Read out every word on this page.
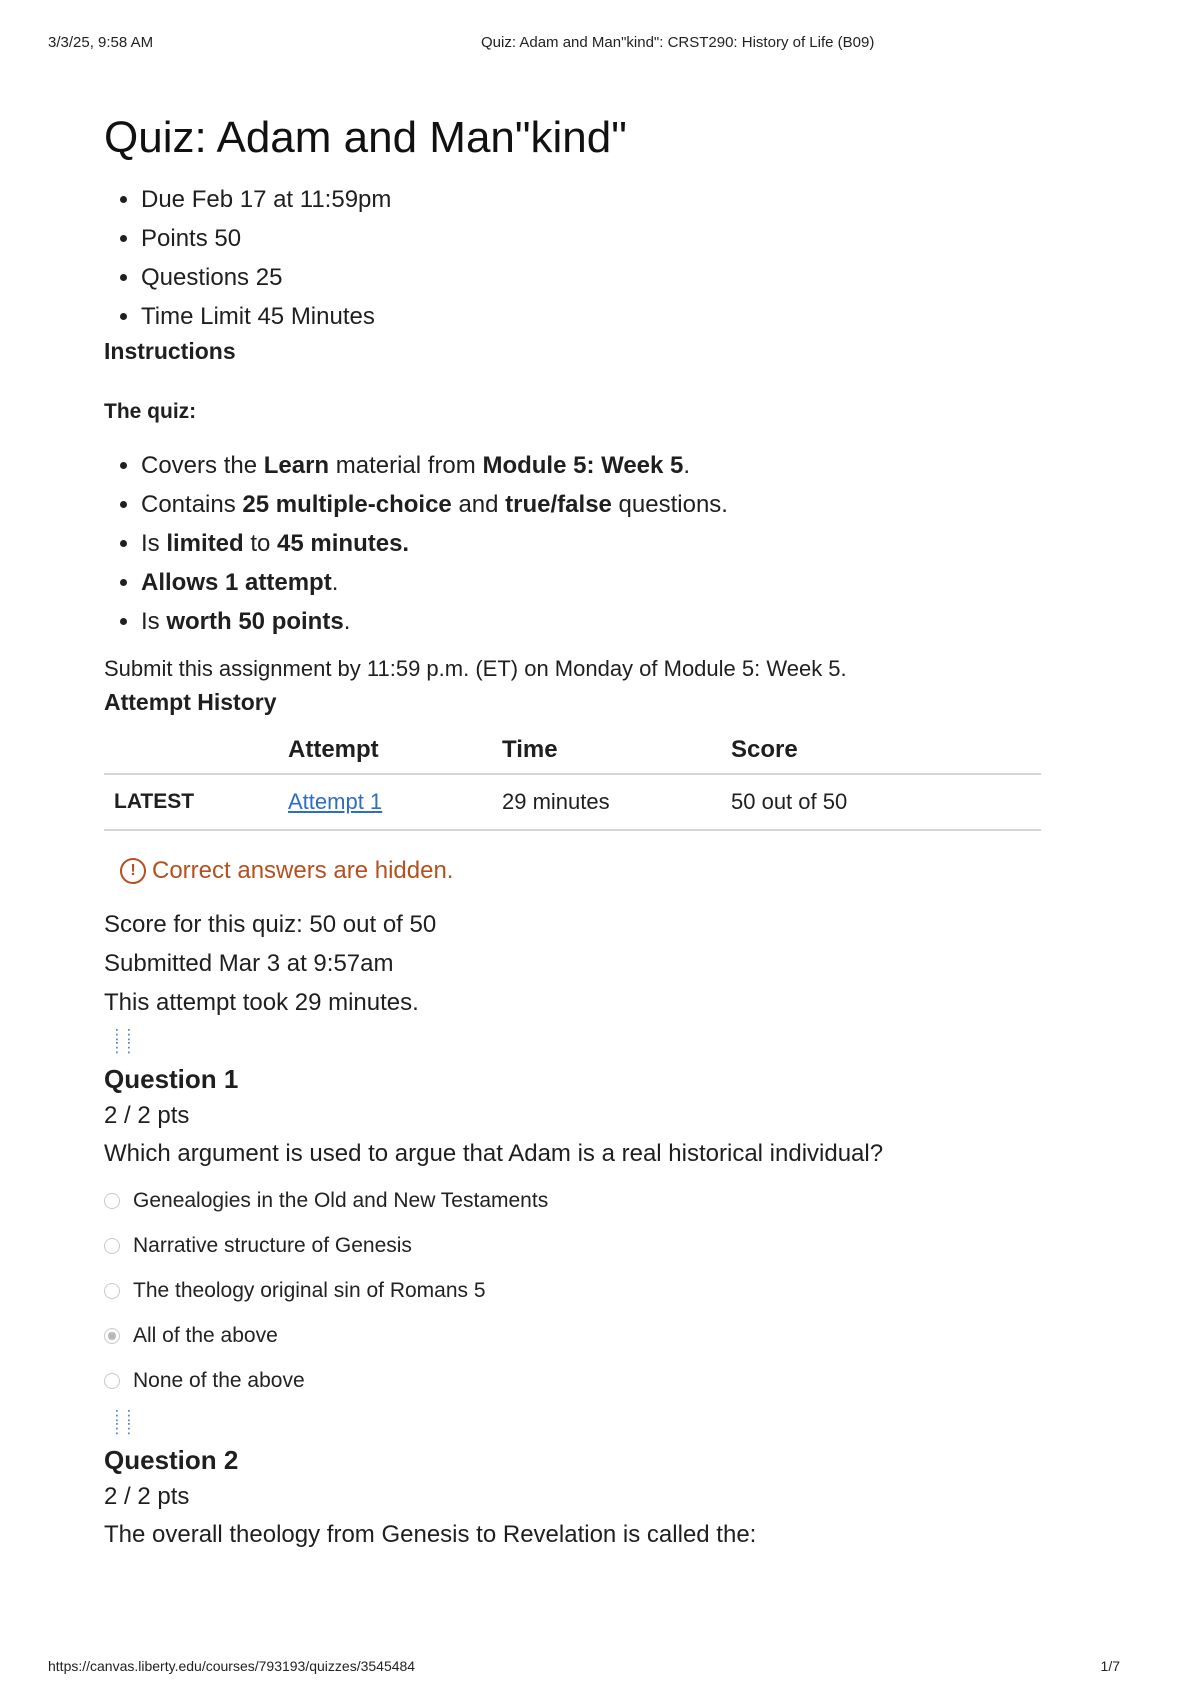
3/3/25, 9:58 AM	Quiz: Adam and Man"kind": CRST290: History of Life (B09)
Quiz: Adam and Man"kind"
• Due Feb 17 at 11:59pm
• Points 50
• Questions 25
• Time Limit 45 Minutes
Instructions
The quiz:
• Covers the Learn material from Module 5: Week 5.
• Contains 25 multiple-choice and true/false questions.
• Is limited to 45 minutes.
• Allows 1 attempt.
• Is worth 50 points.
Submit this assignment by 11:59 p.m. (ET) on Monday of Module 5: Week 5.
Attempt History
	Attempt	Time	Score
LATEST	Attempt 1	29 minutes	50 out of 50
! Correct answers are hidden.
Score for this quiz: 50 out of 50
Submitted Mar 3 at 9:57am
This attempt took 29 minutes.
⋮⋮
⋮⋮
Question 1
2 / 2 pts
Which argument is used to argue that Adam is a real historical individual?
Genealogies in the Old and New Testaments
Narrative structure of Genesis
The theology original sin of Romans 5
All of the above
None of the above
⋮⋮
⋮⋮
Question 2
2 / 2 pts
The overall theology from Genesis to Revelation is called the:
https://canvas.liberty.edu/courses/793193/quizzes/3545484	1/7
